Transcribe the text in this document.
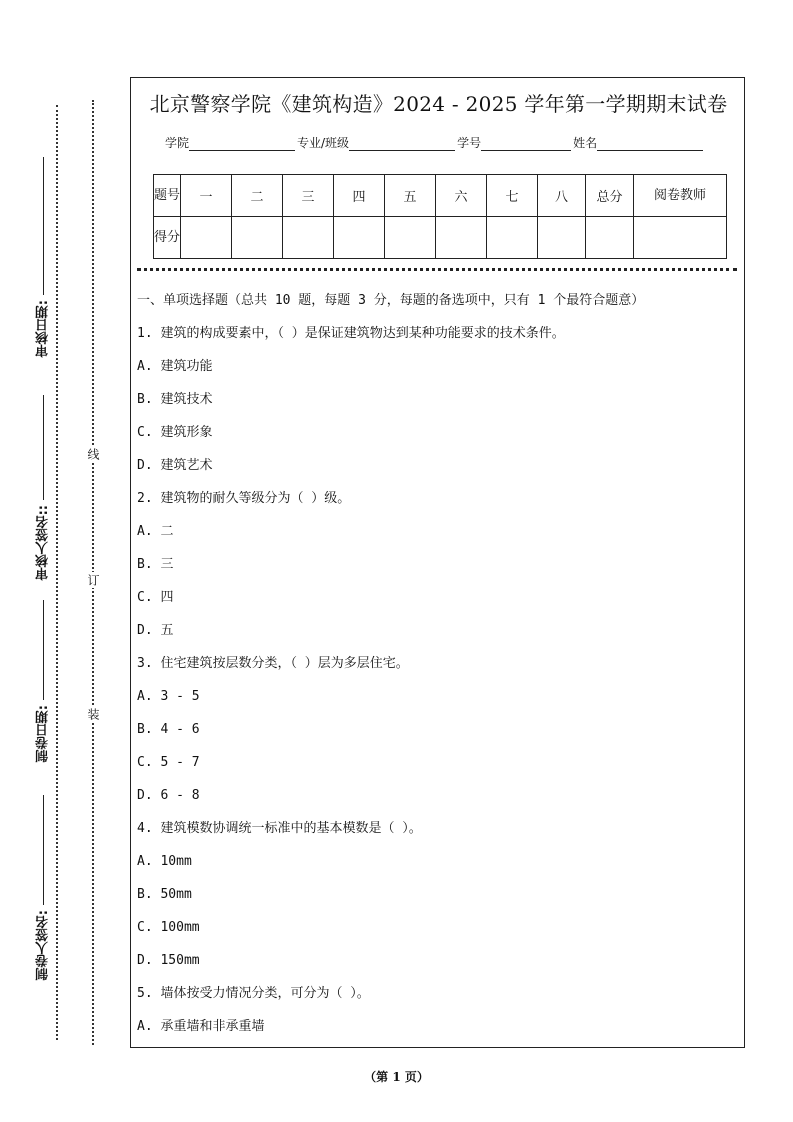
审核日期:
审核人签名::
制卷日期:
制卷人签名:
线
订
装
北京警察学院《建筑构造》2024 - 2025 学年第一学期期末试卷
学院	专业/班级	学号	姓名
题号	一	二	三	四	五	六	七	八	总分	阅卷教师
得分										
一、单项选择题（总共 10 题，每题 3 分，每题的备选项中，只有 1 个最符合题意）
1. 建筑的构成要素中，（ ）是保证建筑物达到某种功能要求的技术条件。
A. 建筑功能
B. 建筑技术
C. 建筑形象
D. 建筑艺术
2. 建筑物的耐久等级分为（ ）级。
A. 二
B. 三
C. 四
D. 五
3. 住宅建筑按层数分类，（ ）层为多层住宅。
A. 3 - 5
B. 4 - 6
C. 5 - 7
D. 6 - 8
4. 建筑模数协调统一标准中的基本模数是（ ）。
A. 10mm
B. 50mm
C. 100mm
D. 150mm
5. 墙体按受力情况分类，可分为（ ）。
A. 承重墙和非承重墙
（第 1 页）
